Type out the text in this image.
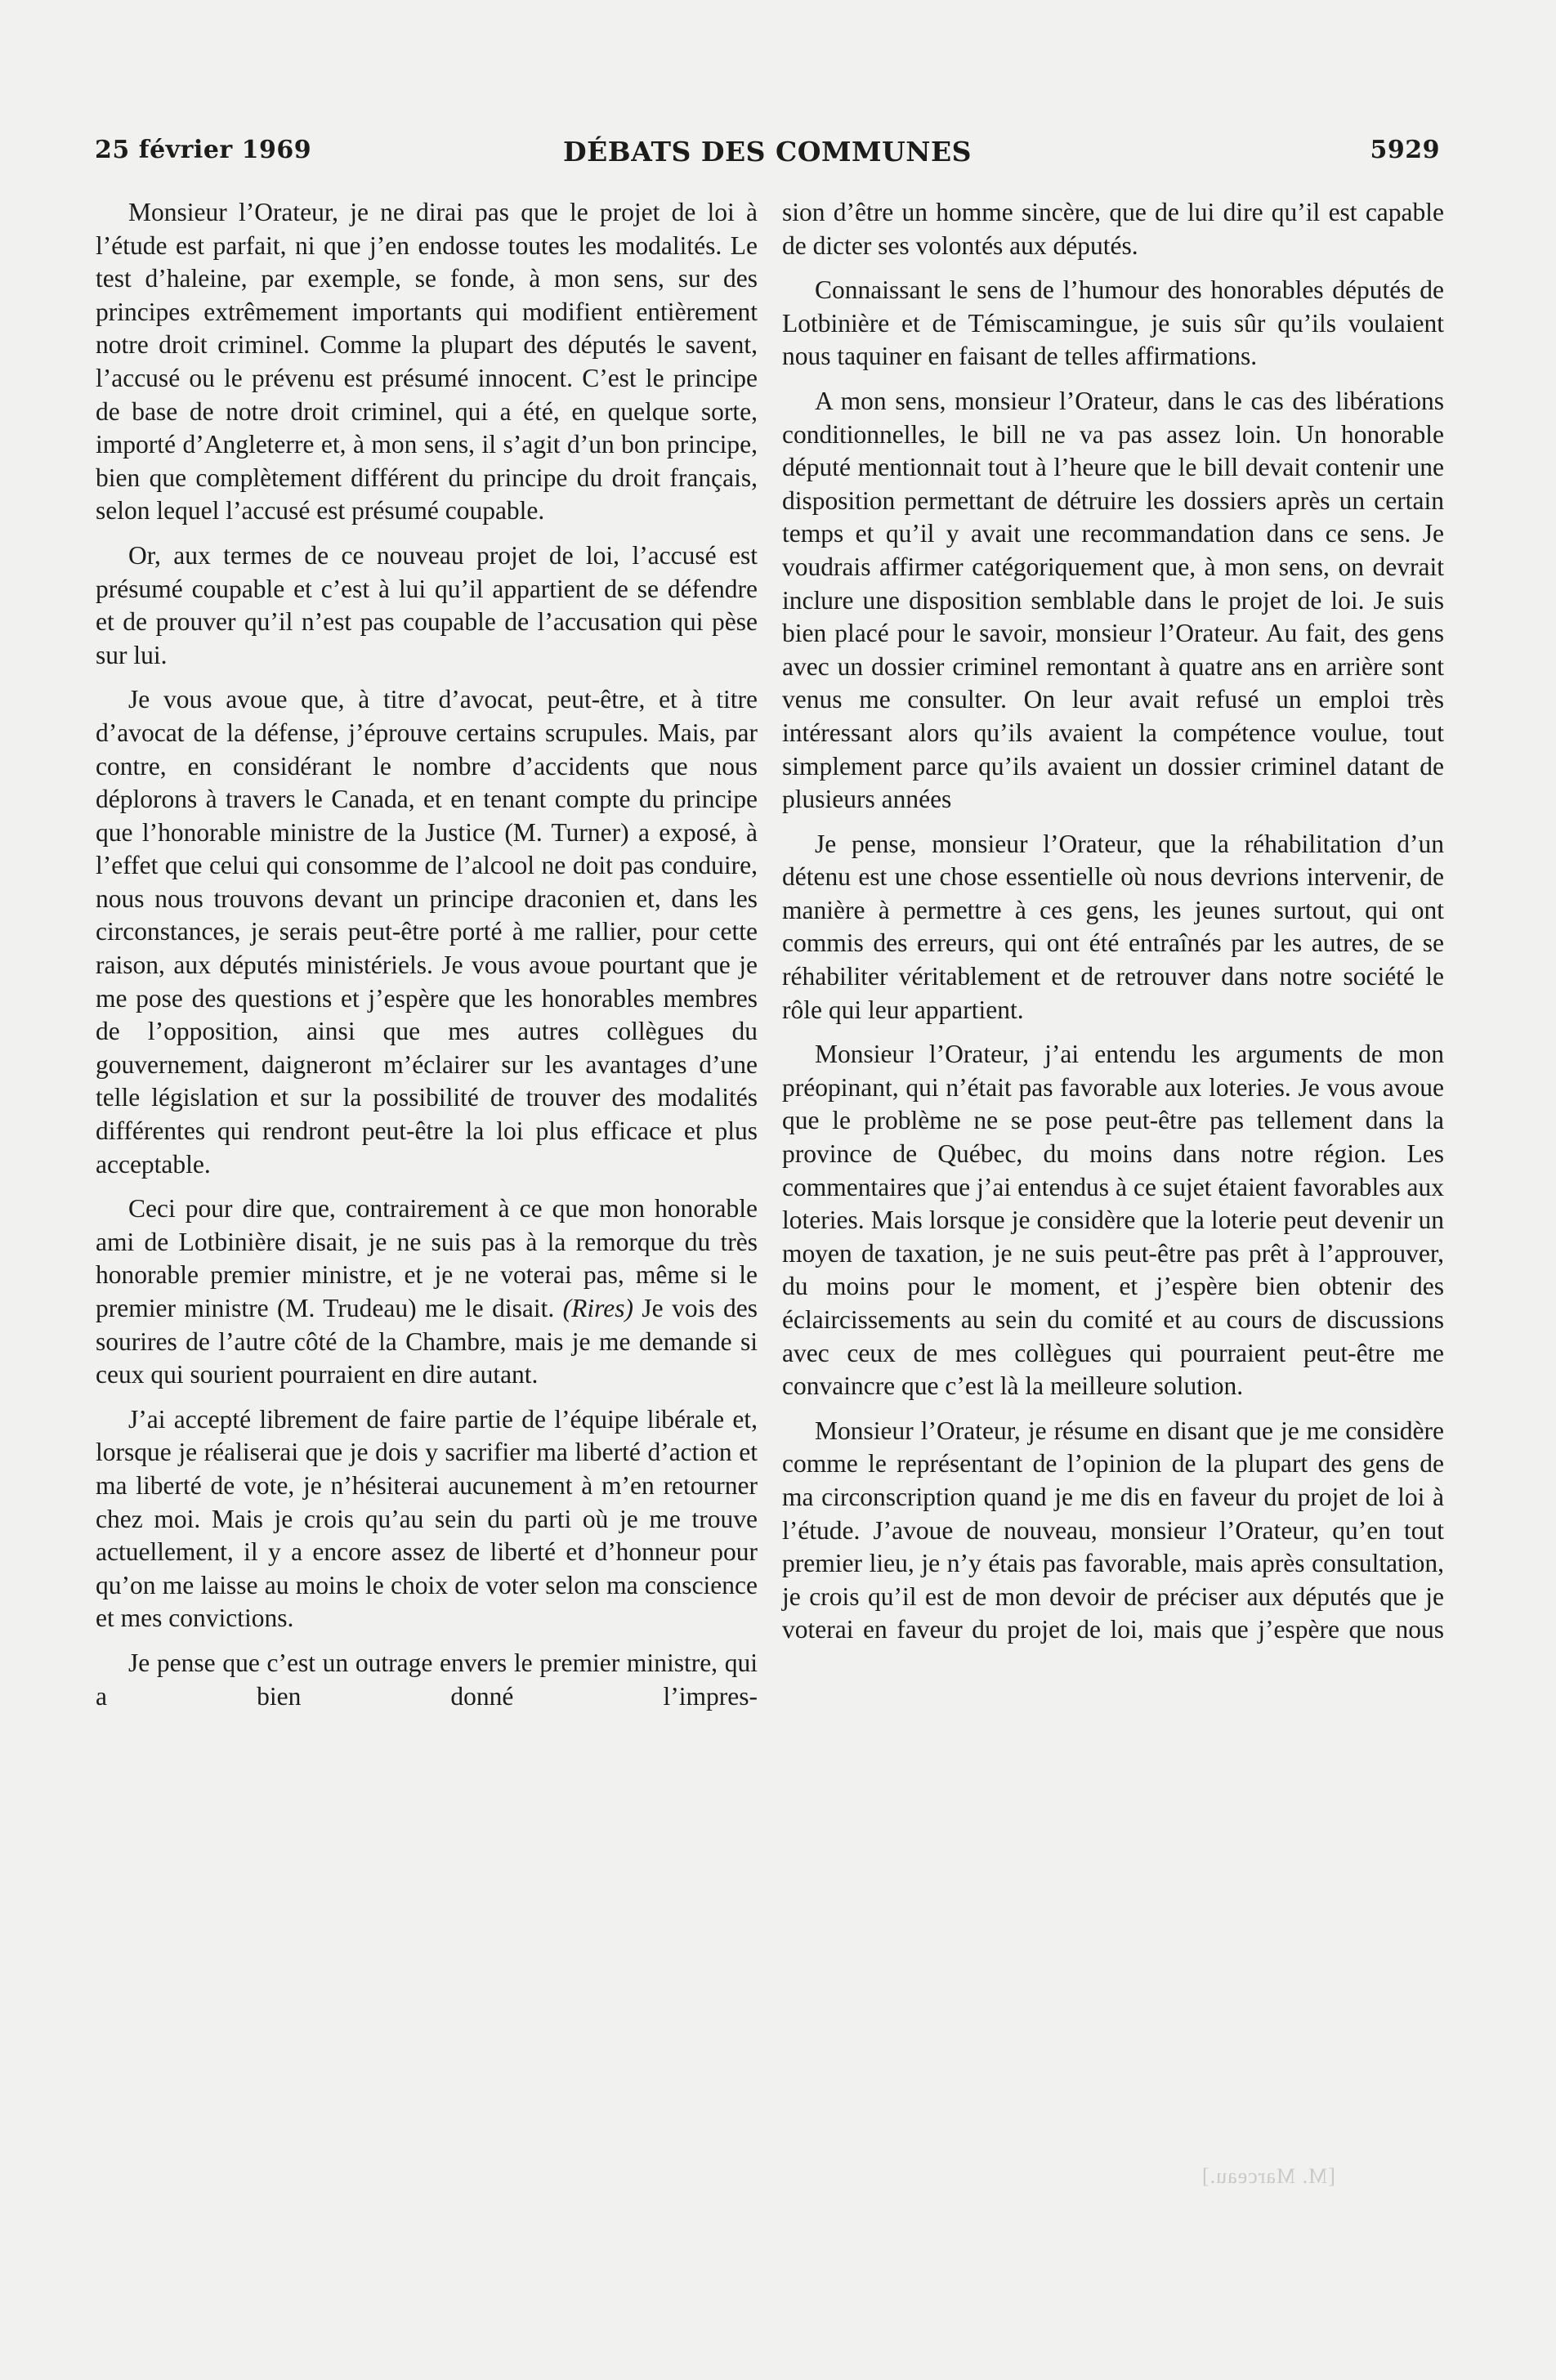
25 février 1969	DÉBATS DES COMMUNES	5929

Monsieur l’Orateur, je ne dirai pas que le projet de loi à l’étude est parfait, ni que j’en endosse toutes les modalités. Le test d’haleine, par exemple, se fonde, à mon sens, sur des principes extrêmement importants qui modifient entièrement notre droit criminel. Comme la plupart des députés le savent, l’accusé ou le prévenu est présumé innocent. C’est le principe de base de notre droit criminel, qui a été, en quelque sorte, importé d’Angleterre et, à mon sens, il s’agit d’un bon principe, bien que complètement différent du principe du droit français, selon lequel l’accusé est présumé coupable.

Or, aux termes de ce nouveau projet de loi, l’accusé est présumé coupable et c’est à lui qu’il appartient de se défendre et de prouver qu’il n’est pas coupable de l’accusation qui pèse sur lui.

Je vous avoue que, à titre d’avocat, peut-être, et à titre d’avocat de la défense, j’éprouve certains scrupules. Mais, par contre, en considérant le nombre d’accidents que nous déplorons à travers le Canada, et en tenant compte du principe que l’honorable ministre de la Justice (M. Turner) a exposé, à l’effet que celui qui consomme de l’alcool ne doit pas conduire, nous nous trouvons devant un principe draconien et, dans les circonstances, je serais peut-être porté à me rallier, pour cette raison, aux députés ministériels. Je vous avoue pourtant que je me pose des questions et j’espère que les honorables membres de l’opposition, ainsi que mes autres collègues du gouvernement, daigneront m’éclairer sur les avantages d’une telle législation et sur la possibilité de trouver des modalités différentes qui rendront peut-être la loi plus efficace et plus acceptable.

Ceci pour dire que, contrairement à ce que mon honorable ami de Lotbinière disait, je ne suis pas à la remorque du très honorable premier ministre, et je ne voterai pas, même si le premier ministre (M. Trudeau) me le disait. (Rires) Je vois des sourires de l’autre côté de la Chambre, mais je me demande si ceux qui sourient pourraient en dire autant.

J’ai accepté librement de faire partie de l’équipe libérale et, lorsque je réaliserai que je dois y sacrifier ma liberté d’action et ma liberté de vote, je n’hésiterai aucunement à m’en retourner chez moi. Mais je crois qu’au sein du parti où je me trouve actuellement, il y a encore assez de liberté et d’honneur pour qu’on me laisse au moins le choix de voter selon ma conscience et mes convictions.

Je pense que c’est un outrage envers le premier ministre, qui a bien donné l’impres-

sion d’être un homme sincère, que de lui dire qu’il est capable de dicter ses volontés aux députés.

Connaissant le sens de l’humour des honorables députés de Lotbinière et de Témiscamingue, je suis sûr qu’ils voulaient nous taquiner en faisant de telles affirmations.

A mon sens, monsieur l’Orateur, dans le cas des libérations conditionnelles, le bill ne va pas assez loin. Un honorable député mentionnait tout à l’heure que le bill devait contenir une disposition permettant de détruire les dossiers après un certain temps et qu’il y avait une recommandation dans ce sens. Je voudrais affirmer catégoriquement que, à mon sens, on devrait inclure une disposition semblable dans le projet de loi. Je suis bien placé pour le savoir, monsieur l’Orateur. Au fait, des gens avec un dossier criminel remontant à quatre ans en arrière sont venus me consulter. On leur avait refusé un emploi très intéressant alors qu’ils avaient la compétence voulue, tout simplement parce qu’ils avaient un dossier criminel datant de plusieurs années

Je pense, monsieur l’Orateur, que la réhabilitation d’un détenu est une chose essentielle où nous devrions intervenir, de manière à permettre à ces gens, les jeunes surtout, qui ont commis des erreurs, qui ont été entraînés par les autres, de se réhabiliter véritablement et de retrouver dans notre société le rôle qui leur appartient.

Monsieur l’Orateur, j’ai entendu les arguments de mon préopinant, qui n’était pas favorable aux loteries. Je vous avoue que le problème ne se pose peut-être pas tellement dans la province de Québec, du moins dans notre région. Les commentaires que j’ai entendus à ce sujet étaient favorables aux loteries. Mais lorsque je considère que la loterie peut devenir un moyen de taxation, je ne suis peut-être pas prêt à l’approuver, du moins pour le moment, et j’espère bien obtenir des éclaircissements au sein du comité et au cours de discussions avec ceux de mes collègues qui pourraient peut-être me convaincre que c’est là la meilleure solution.

Monsieur l’Orateur, je résume en disant que je me considère comme le représentant de l’opinion de la plupart des gens de ma circonscription quand je me dis en faveur du projet de loi à l’étude. J’avoue de nouveau, monsieur l’Orateur, qu’en tout premier lieu, je n’y étais pas favorable, mais après consultation, je crois qu’il est de mon devoir de préciser aux députés que je voterai en faveur du projet de loi, mais que j’espère que nous

[M. Marceau.]
